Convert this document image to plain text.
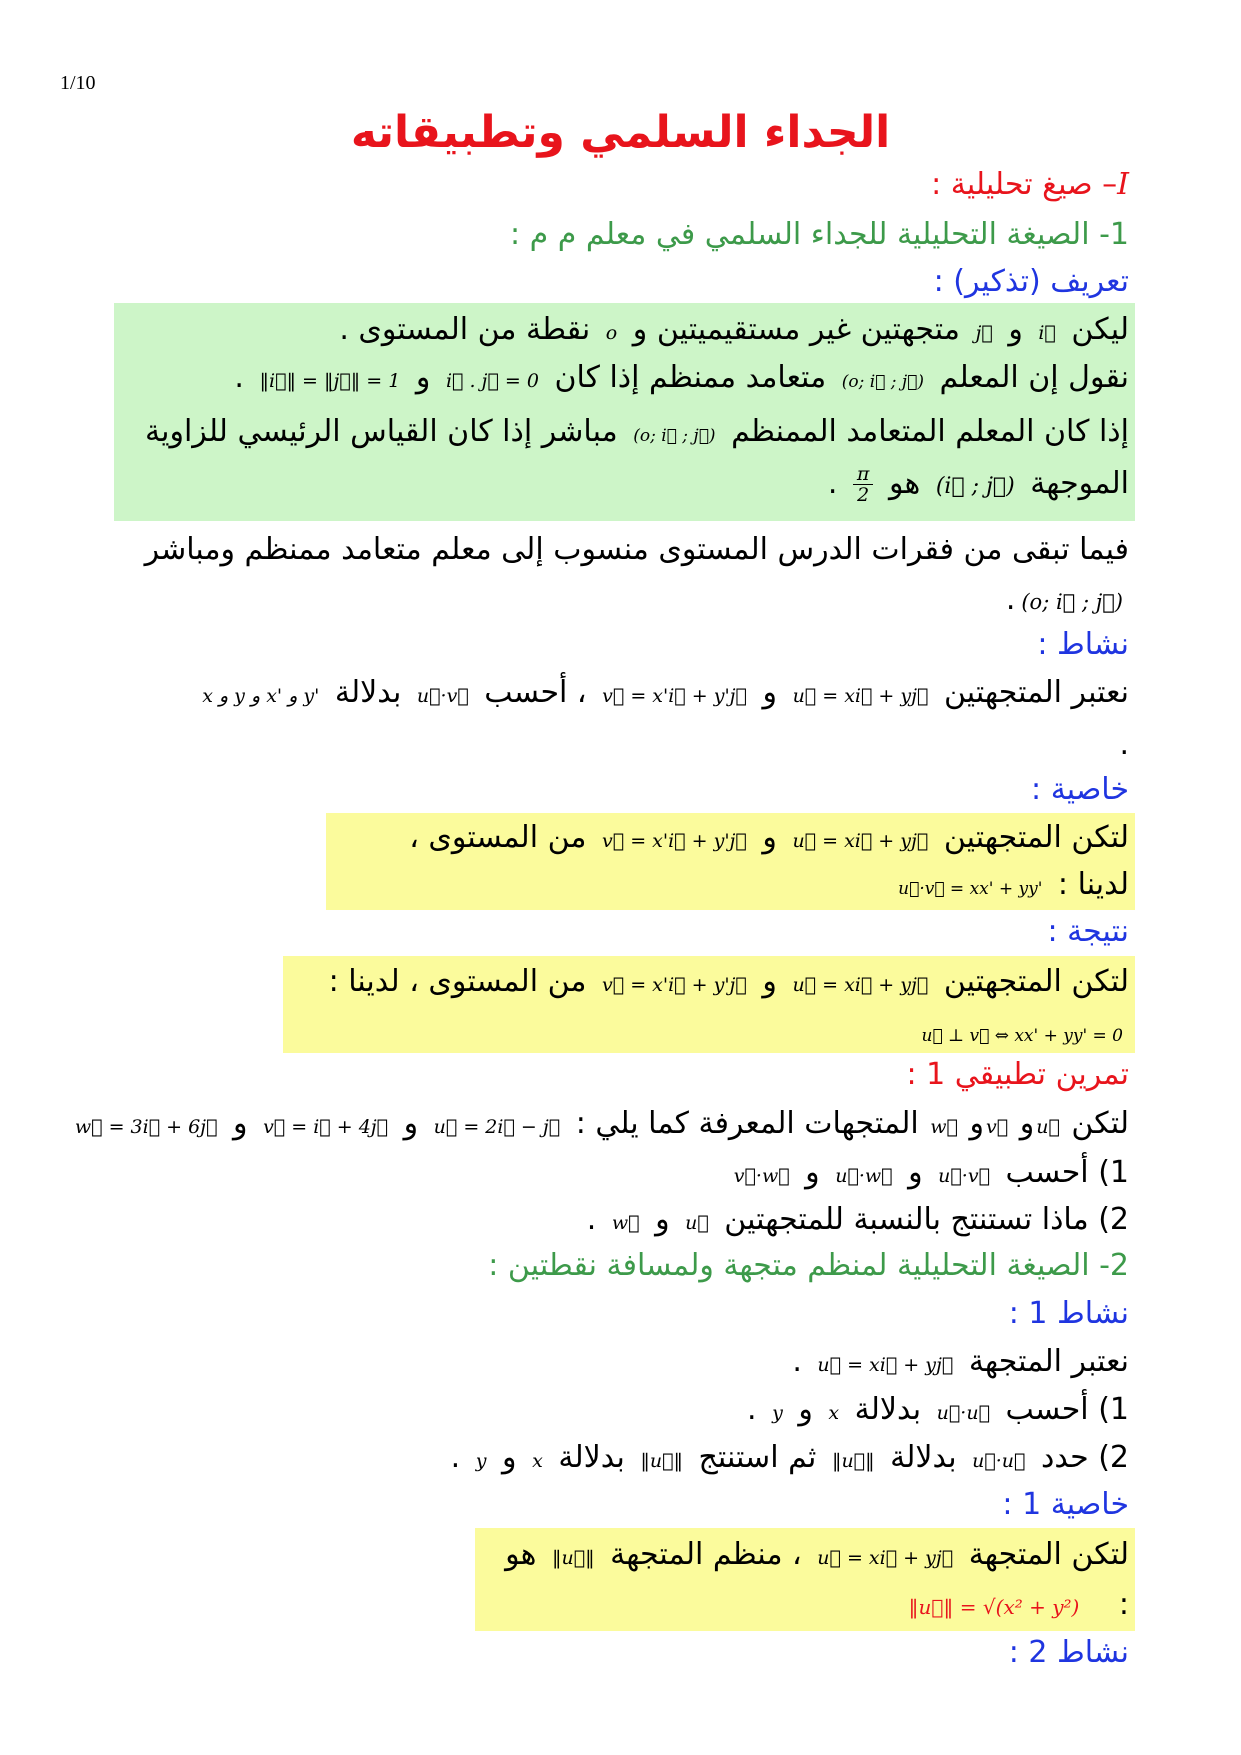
1/10
الجداء السلمي وتطبيقاته
I– صيغ تحليلية :
1- الصيغة التحليلية للجداء السلمي في معلم م م :
تعريف (تذكير) :
ليكن i⃗ و j⃗ متجهتين غير مستقيميتين و o نقطة من المستوى .
نقول إن المعلم (o; i⃗ ; j⃗) متعامد ممنظم إذا كان i⃗ . j⃗ = 0 و ‖i⃗‖ = ‖j⃗‖ = 1 .
إذا كان المعلم المتعامد الممنظم (o; i⃗ ; j⃗) مباشر إذا كان القياس الرئيسي للزاوية
الموجهة (i⃗ ; j⃗) هو
$\frac{\pi}{2}$
.
فيما تبقى من فقرات الدرس المستوى منسوب إلى معلم متعامد ممنظم ومباشر
(o; i⃗ ; j⃗).
نشاط :
نعتبر المتجهتين u⃗ = xi⃗ + yj⃗ و v⃗ = x'i⃗ + y'j⃗ ، أحسب u⃗·v⃗ بدلالة x و y و x' و y'
.
خاصية :
لتكن المتجهتين u⃗ = xi⃗ + yj⃗ و v⃗ = x'i⃗ + y'j⃗ من المستوى ،
لدينا : u⃗·v⃗ = xx' + yy'
نتيجة :
لتكن المتجهتين u⃗ = xi⃗ + yj⃗ و v⃗ = x'i⃗ + y'j⃗ من المستوى ، لدينا :
u⃗ ⊥ v⃗ ⇔ xx' + yy' = 0
تمرين تطبيقي 1 :
لتكن u⃗و v⃗و w⃗ المتجهات المعرفة كما يلي : u⃗ = 2i⃗ − j⃗ و v⃗ = i⃗ + 4j⃗ و w⃗ = 3i⃗ + 6j⃗
1) أحسب u⃗·v⃗ و u⃗·w⃗ و v⃗·w⃗
2) ماذا تستنتج بالنسبة للمتجهتين u⃗ و w⃗ .
2- الصيغة التحليلية لمنظم متجهة ولمسافة نقطتين :
نشاط 1 :
نعتبر المتجهة u⃗ = xi⃗ + yj⃗ .
1) أحسب u⃗·u⃗ بدلالة x و y .
2) حدد u⃗·u⃗ بدلالة ‖u⃗‖ ثم استنتج ‖u⃗‖ بدلالة x و y .
خاصية 1 :
لتكن المتجهة u⃗ = xi⃗ + yj⃗ ، منظم المتجهة ‖u⃗‖ هو
: ‖u⃗‖ = √(x² + y²)
نشاط 2 :
